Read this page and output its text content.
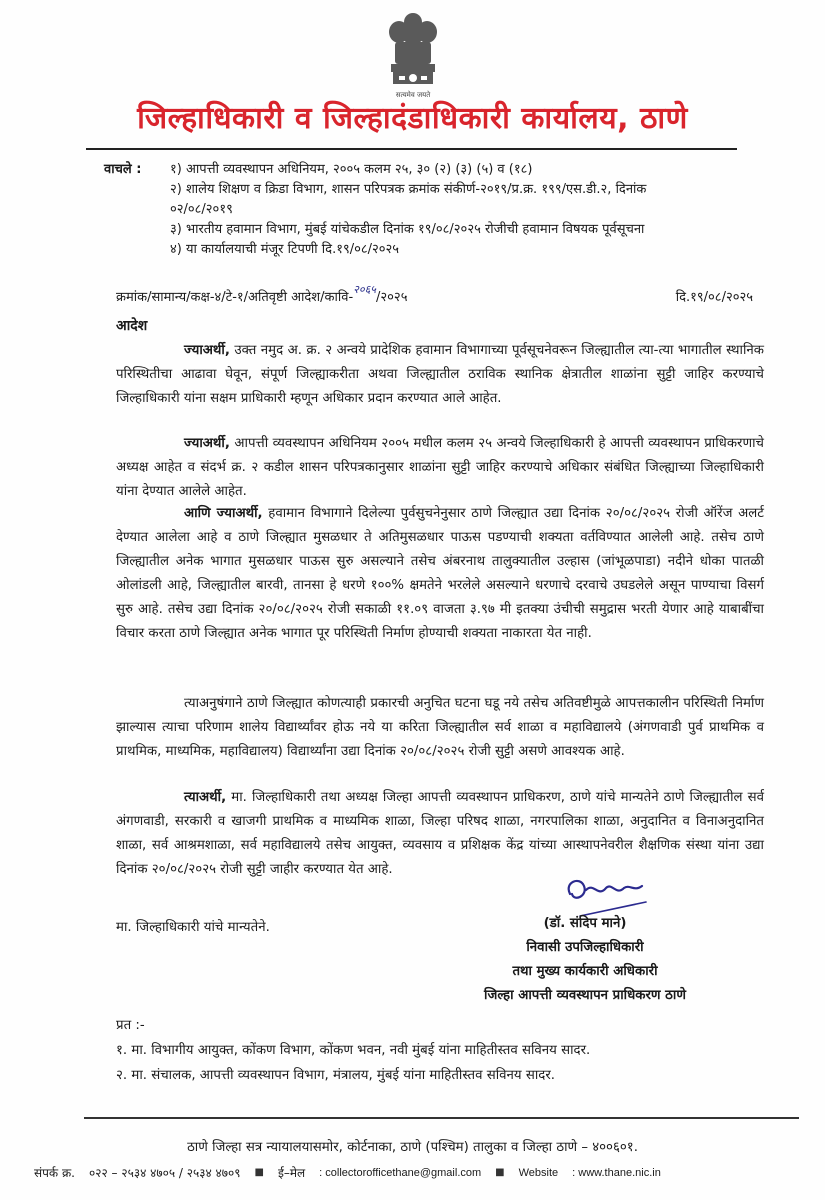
सत्यमेव जयते
जिल्हाधिकारी व जिल्हादंडाधिकारी कार्यालय, ठाणे
वाचले :	१) आपत्ती व्यवस्थापन अधिनियम, २००५ कलम २५, ३० (२) (३) (५) व (१८)
२) शालेय शिक्षण व क्रिडा विभाग, शासन परिपत्रक क्रमांक संकीर्ण-२०१९/प्र.क्र. १९९/एस.डी.२, दिनांक
०२/०८/२०१९
३) भारतीय हवामान विभाग, मुंबई यांचेकडील दिनांक १९/०८/२०२५ रोजीची हवामान विषयक पूर्वसूचना
४) या कार्यालयाची मंजूर टिपणी दि.१९/०८/२०२५
क्रमांक/सामान्य/कक्ष-४/टे-१/अतिवृष्टी आदेश/कावि-$^{२०६५}$/२०२५	दि.१९/०८/२०२५
आदेश

ज्याअर्थी, उक्त नमुद अ. क्र. २ अन्वये प्रादेशिक हवामान विभागाच्या पूर्वसूचनेवरून जिल्ह्यातील त्या-त्या भागातील स्थानिक परिस्थितीचा आढावा घेवून, संपूर्ण जिल्ह्याकरीता अथवा जिल्ह्यातील ठराविक स्थानिक क्षेत्रातील शाळांना सुट्टी जाहिर करण्याचे जिल्हाधिकारी यांना सक्षम प्राधिकारी म्हणून अधिकार प्रदान करण्यात आले आहेत.

ज्याअर्थी, आपत्ती व्यवस्थापन अधिनियम २००५ मधील कलम २५ अन्वये जिल्हाधिकारी हे आपत्ती व्यवस्थापन प्राधिकरणाचे अध्यक्ष आहेत व संदर्भ क्र. २ कडील शासन परिपत्रकानुसार शाळांना सुट्टी जाहिर करण्याचे अधिकार संबंधित जिल्ह्याच्या जिल्हाधिकारी यांना देण्यात आलेले आहेत.

आणि ज्याअर्थी, हवामान विभागाने दिलेल्या पुर्वसुचनेनुसार ठाणे जिल्ह्यात उद्या दिनांक २०/०८/२०२५ रोजी ऑरेंज अलर्ट देण्यात आलेला आहे व ठाणे जिल्ह्यात मुसळधार ते अतिमुसळधार पाऊस पडण्याची शक्यता वर्तविण्यात आलेली आहे. तसेच ठाणे जिल्ह्यातील अनेक भागात मुसळधार पाऊस सुरु असल्याने तसेच अंबरनाथ तालुक्यातील उल्हास (जांभूळपाडा) नदीने धोका पातळी ओलांडली आहे, जिल्ह्यातील बारवी, तानसा हे धरणे १००% क्षमतेने भरलेले असल्याने धरणाचे दरवाचे उघडलेले असून पाण्याचा विसर्ग सुरु आहे. तसेच उद्या दिनांक २०/०८/२०२५ रोजी सकाळी ११.०९ वाजता ३.९७ मी इतक्या उंचीची समुद्रास भरती येणार आहे याबाबींचा विचार करता ठाणे जिल्ह्यात अनेक भागात पूर परिस्थिती निर्माण होण्याची शक्यता नाकारता येत नाही.

त्याअनुषंगाने ठाणे जिल्ह्यात कोणत्याही प्रकारची अनुचित घटना घडू नये तसेच अतिवष्टीमुळे आपत्तकालीन परिस्थिती निर्माण झाल्यास त्याचा परिणाम शालेय विद्यार्थ्यांवर होऊ नये या करिता जिल्ह्यातील सर्व शाळा व महाविद्यालये (अंगणवाडी पुर्व प्राथमिक व प्राथमिक, माध्यमिक, महाविद्यालय) विद्यार्थ्यांना उद्या दिनांक २०/०८/२०२५ रोजी सुट्टी असणे आवश्यक आहे.

त्याअर्थी, मा. जिल्हाधिकारी तथा अध्यक्ष जिल्हा आपत्ती व्यवस्थापन प्राधिकरण, ठाणे यांचे मान्यतेने ठाणे जिल्ह्यातील सर्व अंगणवाडी, सरकारी व खाजगी प्राथमिक व माध्यमिक शाळा, जिल्हा परिषद शाळा, नगरपालिका शाळा, अनुदानित व विनाअनुदानित शाळा, सर्व आश्रमशाळा, सर्व महाविद्यालये तसेच आयुक्त, व्यवसाय व प्रशिक्षक केंद्र यांच्या आस्थापनेवरील शैक्षणिक संस्था यांना उद्या दिनांक २०/०८/२०२५ रोजी सुट्टी जाहीर करण्यात येत आहे.

मा. जिल्हाधिकारी यांचे मान्यतेने.	(डॉ. संदिप माने)
निवासी उपजिल्हाधिकारी
तथा मुख्य कार्यकारी अधिकारी
जिल्हा आपत्ती व्यवस्थापन प्राधिकरण ठाणे
प्रत :-
१. मा. विभागीय आयुक्त, कोंकण विभाग, कोंकण भवन, नवी मुंबई यांना माहितीस्तव सविनय सादर.
२. मा. संचालक, आपत्ती व्यवस्थापन विभाग, मंत्रालय, मुंबई यांना माहितीस्तव सविनय सादर.
ठाणे जिल्हा सत्र न्यायालयासमोर, कोर्टनाका, ठाणे (पश्चिम) तालुका व जिल्हा ठाणे – ४००६०१.
संपर्क क्र. ०२२ – २५३४ ४७०५ / २५३४ ४७०९ ■ ई–मेल : collectorofficethane@gmail.com ■ Website : www.thane.nic.in
